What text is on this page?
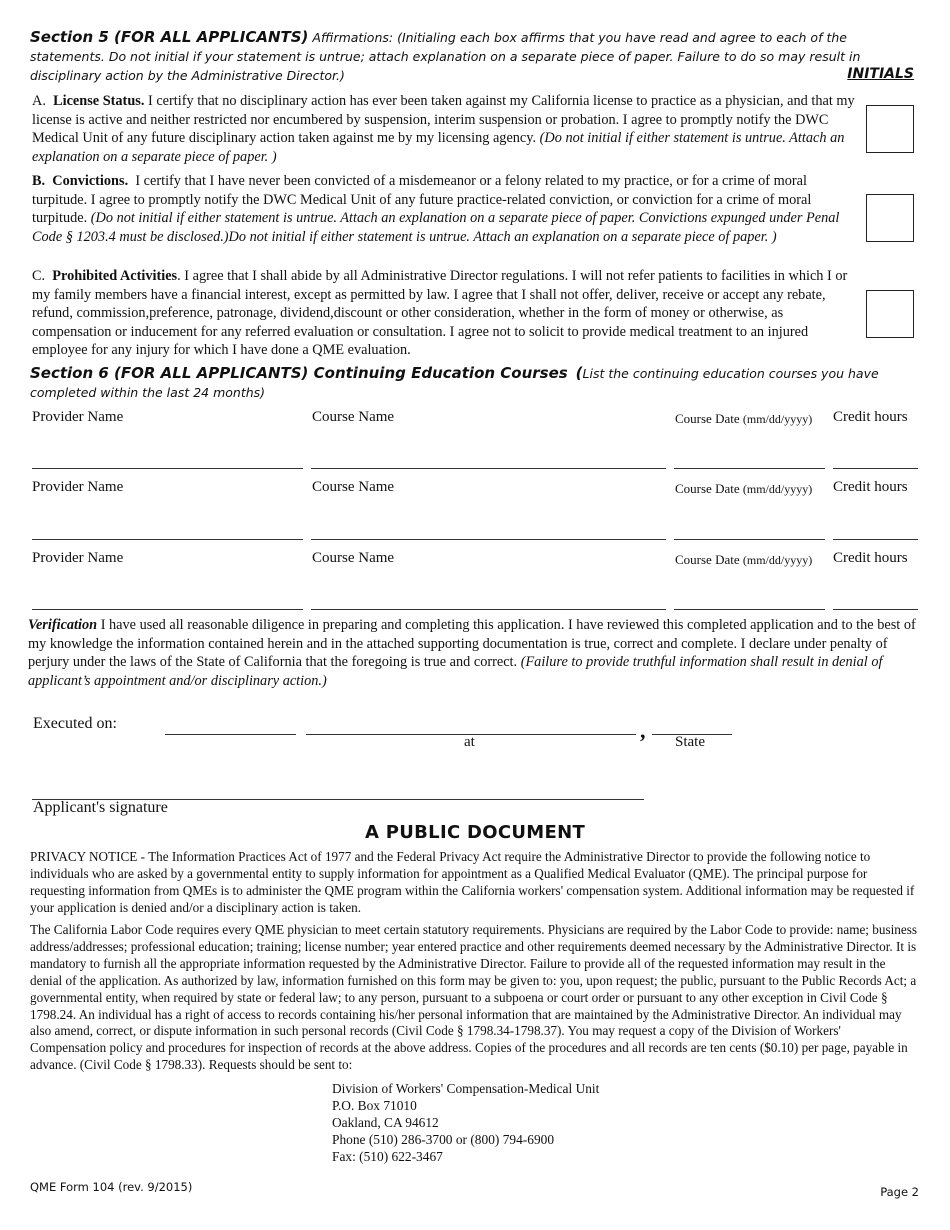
Section 5 (FOR ALL APPLICANTS) Affirmations: (Initialing each box affirms that you have read and agree to each of the statements. Do not initial if your statement is untrue; attach explanation on a separate piece of paper. Failure to do so may result in disciplinary action by the Administrative Director.)	INITIALS
A. License Status. I certify that no disciplinary action has ever been taken against my California license to practice as a physician, and that my license is active and neither restricted nor encumbered by suspension, interim suspension or probation. I agree to promptly notify the DWC Medical Unit of any future disciplinary action taken against me by my licensing agency. (Do not initial if either statement is untrue. Attach an explanation on a separate piece of paper. )
B. Convictions. I certify that I have never been convicted of a misdemeanor or a felony related to my practice, or for a crime of moral turpitude. I agree to promptly notify the DWC Medical Unit of any future practice-related conviction, or conviction for a crime of moral turpitude. (Do not initial if either statement is untrue. Attach an explanation on a separate piece of paper. Convictions expunged under Penal Code § 1203.4 must be disclosed.)Do not initial if either statement is untrue. Attach an explanation on a separate piece of paper. )
C. Prohibited Activities. I agree that I shall abide by all Administrative Director regulations. I will not refer patients to facilities in which I or my family members have a financial interest, except as permitted by law. I agree that I shall not offer, deliver, receive or accept any rebate, refund, commission,preference, patronage, dividend,discount or other consideration, whether in the form of money or otherwise, as compensation or inducement for any referred evaluation or consultation. I agree not to solicit to provide medical treatment to an injured employee for any injury for which I have done a QME evaluation.
Section 6 (FOR ALL APPLICANTS) Continuing Education Courses (List the continuing education courses you have completed within the last 24 months)
Provider Name	Course Name	Course Date (mm/dd/yyyy) Credit hours
Provider Name	Course Name	Course Date (mm/dd/yyyy) Credit hours
Provider Name	Course Name	Course Date (mm/dd/yyyy) Credit hours
Verification I have used all reasonable diligence in preparing and completing this application. I have reviewed this completed application and to the best of my knowledge the information contained herein and in the attached supporting documentation is true, correct and complete. I declare under penalty of perjury under the laws of the State of California that the foregoing is true and correct. (Failure to provide truthful information shall result in denial of applicant’s appointment and/or disciplinary action.)
Executed on:
at	, State
Applicant's signature
A PUBLIC DOCUMENT
PRIVACY NOTICE - The Information Practices Act of 1977 and the Federal Privacy Act require the Administrative Director to provide the following notice to individuals who are asked by a governmental entity to supply information for appointment as a Qualified Medical Evaluator (QME). The principal purpose for requesting information from QMEs is to administer the QME program within the California workers' compensation system. Additional information may be requested if your application is denied and/or a disciplinary action is taken.
The California Labor Code requires every QME physician to meet certain statutory requirements. Physicians are required by the Labor Code to provide: name; business address/addresses; professional education; training; license number; year entered practice and other requirements deemed necessary by the Administrative Director. It is mandatory to furnish all the appropriate information requested by the Administrative Director. Failure to provide all of the requested information may result in the denial of the application. As authorized by law, information furnished on this form may be given to: you, upon request; the public, pursuant to the Public Records Act; a governmental entity, when required by state or federal law; to any person, pursuant to a subpoena or court order or pursuant to any other exception in Civil Code § 1798.24. An individual has a right of access to records containing his/her personal information that are maintained by the Administrative Director. An individual may also amend, correct, or dispute information in such personal records (Civil Code § 1798.34-1798.37). You may request a copy of the Division of Workers' Compensation policy and procedures for inspection of records at the above address. Copies of the procedures and all records are ten cents ($0.10) per page, payable in advance. (Civil Code § 1798.33). Requests should be sent to:
Division of Workers' Compensation-Medical Unit
P.O. Box 71010
Oakland, CA 94612
Phone (510) 286-3700 or (800) 794-6900
Fax: (510) 622-3467
QME Form 104 (rev. 9/2015)	Page 2
